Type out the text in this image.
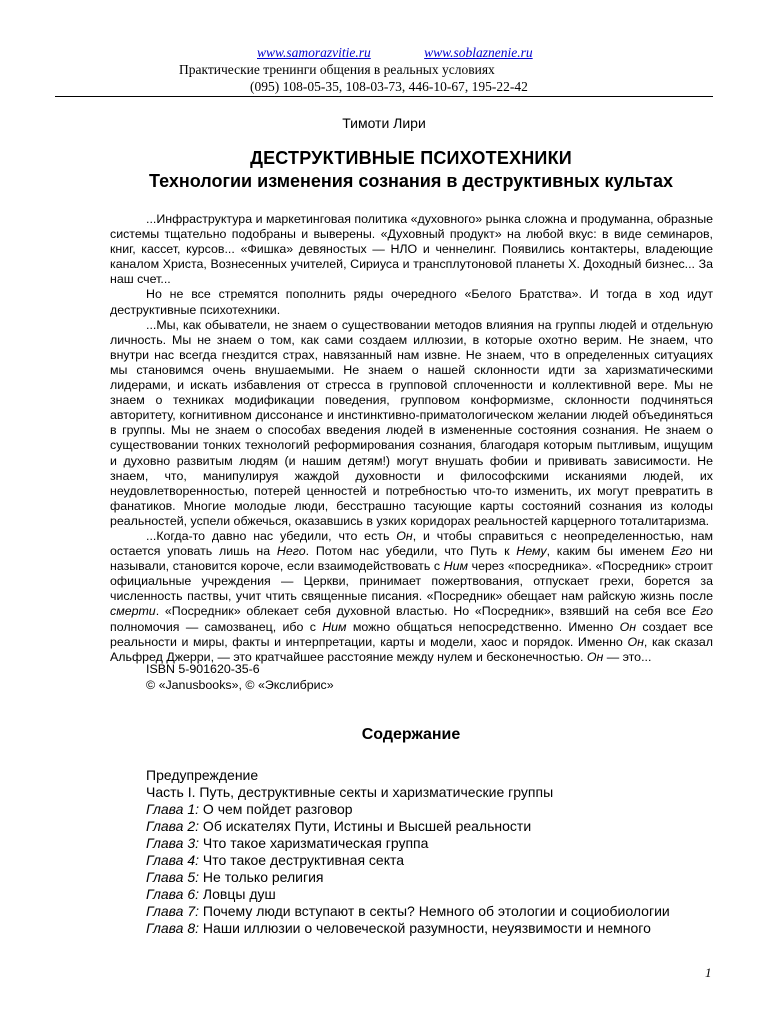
www.samorazvitie.ru	www.soblaznenie.ru
Практические тренинги общения в реальных условиях
(095) 108-05-35, 108-03-73, 446-10-67, 195-22-42
Тимоти Лири
ДЕСТРУКТИВНЫЕ ПСИХОТЕХНИКИ
Технологии изменения сознания в деструктивных культах

...Инфраструктура и маркетинговая политика «духовного» рынка сложна и продуманна, образные системы тщательно подобраны и выверены. «Духовный продукт» на любой вкус: в виде семинаров, книг, кассет, курсов... «Фишка» девяностых — НЛО и ченнелинг. Появились контактеры, владеющие каналом Христа, Вознесенных учителей, Сириуса и трансплутоновой планеты Х. Доходный бизнес... За наш счет...

Но не все стремятся пополнить ряды очередного «Белого Братства». И тогда в ход идут деструктивные психотехники.

...Мы, как обыватели, не знаем о существовании методов влияния на группы людей и отдельную личность. Мы не знаем о том, как сами создаем иллюзии, в которые охотно верим. Не знаем, что внутри нас всегда гнездится страх, навязанный нам извне. Не знаем, что в определенных ситуациях мы становимся очень внушаемыми. Не знаем о нашей склонности идти за харизматическими лидерами, и искать избавления от стресса в групповой сплоченности и коллективной вере. Мы не знаем о техниках модификации поведения, групповом конформизме, склонности подчиняться авторитету, когнитивном диссонансе и инстинктивно-приматологическом желании людей объединяться в группы. Мы не знаем о способах введения людей в измененные состояния сознания. Не знаем о существовании тонких технологий реформирования сознания, благодаря которым пытливым, ищущим и духовно развитым людям (и нашим детям!) могут внушать фобии и прививать зависимости. Не знаем, что, манипулируя жаждой духовности и философскими исканиями людей, их неудовлетворенностью, потерей ценностей и потребностью что-то изменить, их могут превратить в фанатиков. Многие молодые люди, бесстрашно тасующие карты состояний сознания из колоды реальностей, успели обжечься, оказавшись в узких коридорах реальностей карцерного тоталитаризма.

...Когда-то давно нас убедили, что есть Он, и чтобы справиться с неопределенностью, нам остается уповать лишь на Него. Потом нас убедили, что Путь к Нему, каким бы именем Его ни называли, становится короче, если взаимодействовать с Ним через «посредника». «Посредник» строит официальные учреждения — Церкви, принимает пожертвования, отпускает грехи, борется за численность паствы, учит чтить священные писания. «Посредник» обещает нам райскую жизнь после смерти. «Посредник» облекает себя духовной властью. Но «Посредник», взявший на себя все Его полномочия — самозванец, ибо с Ним можно общаться непосредственно. Именно Он создает все реальности и миры, факты и интерпретации, карты и модели, хаос и порядок. Именно Он, как сказал Альфред Джерри, — это кратчайшее расстояние между нулем и бесконечностью. Он — это...

ISBN 5-901620-35-6
© «Janusbooks», © «Экслибрис»
Содержание
Предупреждение
Часть I. Путь, деструктивные секты и харизматические группы
Глава 1: О чем пойдет разговор
Глава 2: Об искателях Пути, Истины и Высшей реальности
Глава 3: Что такое харизматическая группа
Глава 4: Что такое деструктивная секта
Глава 5: Не только религия
Глава 6: Ловцы душ
Глава 7: Почему люди вступают в секты? Немного об этологии и социобиологии
Глава 8: Наши иллюзии о человеческой разумности, неуязвимости и немного
1
